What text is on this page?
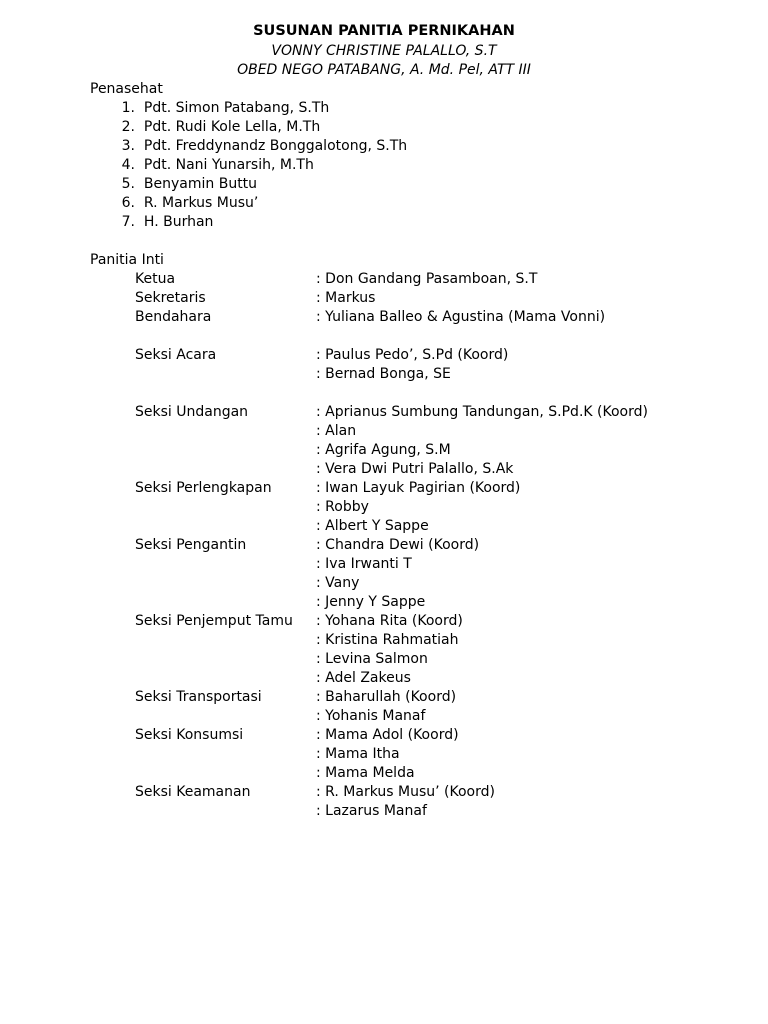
SUSUNAN PANITIA PERNIKAHAN
VONNY CHRISTINE PALALLO, S.T
OBED NEGO PATABANG, A. Md. Pel, ATT III
Penasehat
1. Pdt. Simon Patabang, S.Th
2. Pdt. Rudi Kole Lella, M.Th
3. Pdt. Freddynandz Bonggalotong, S.Th
4. Pdt. Nani Yunarsih, M.Th
5. Benyamin Buttu
6. R. Markus Musu’
7. H. Burhan
Panitia Inti
Ketua	: Don Gandang Pasamboan, S.T
Sekretaris	: Markus
Bendahara	: Yuliana Balleo & Agustina (Mama Vonni)
Seksi Acara	: Paulus Pedo’, S.Pd (Koord)
: Bernad Bonga, SE
Seksi Undangan	: Aprianus Sumbung Tandungan, S.Pd.K (Koord)
: Alan
: Agrifa Agung, S.M
: Vera Dwi Putri Palallo, S.Ak
Seksi Perlengkapan	: Iwan Layuk Pagirian (Koord)
: Robby
: Albert Y Sappe
Seksi Pengantin	: Chandra Dewi (Koord)
: Iva Irwanti T
: Vany
: Jenny Y Sappe
Seksi Penjemput Tamu	: Yohana Rita (Koord)
: Kristina Rahmatiah
: Levina Salmon
: Adel Zakeus
Seksi Transportasi	: Baharullah (Koord)
: Yohanis Manaf
Seksi Konsumsi	: Mama Adol (Koord)
: Mama Itha
: Mama Melda
Seksi Keamanan	: R. Markus Musu’ (Koord)
: Lazarus Manaf
